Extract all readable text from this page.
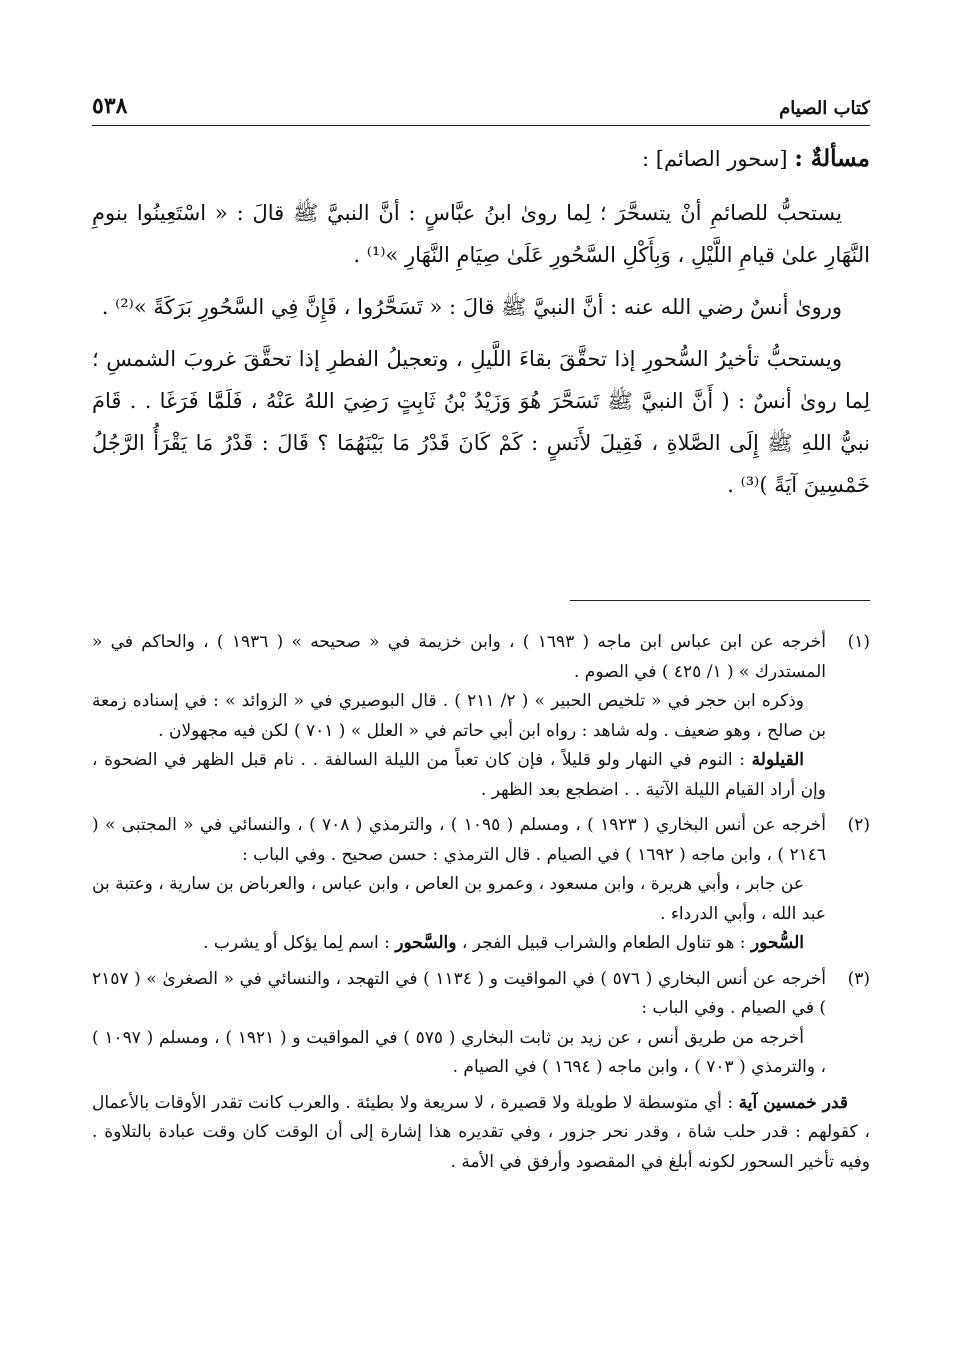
كتاب الصيام
٥٣٨

مسألةٌ : [سحور الصائم] :

يستحبُّ للصائمِ أنْ يتسحَّرَ ؛ لِما روىٰ ابنُ عبَّاسٍ : أنَّ النبيَّ ﷺ قالَ : « اسْتَعِينُوا بنومِ النَّهَارِ علىٰ قيامِ اللَّيْلِ ، وَبِأَكْلِ السَّحُورِ عَلَىٰ صِيَامِ النَّهَارِ »⁽¹⁾ .

وروىٰ أنسٌ رضي الله عنه : أنَّ النبيَّ ﷺ قالَ : « تَسَحَّرُوا ، فَإِنَّ فِي السَّحُورِ بَرَكَةً »⁽²⁾ .

ويستحبُّ تأخيرُ السُّحورِ إذا تحقَّقَ بقاءَ اللَّيلِ ، وتعجيلُ الفطرِ إذا تحقَّقَ غروبَ الشمسِ ؛ لِما روىٰ أنسٌ : ( أَنَّ النبيَّ ﷺ تَسَحَّرَ هُوَ وَزَيْدُ بْنُ ثَابِتٍ رَضِيَ اللهُ عَنْهُ ، فَلَمَّا فَرَغَا . . قَامَ نبيُّ اللهِ ﷺ إِلَى الصَّلاةِ ، فَقِيلَ لأَنَسٍ : كَمْ كَانَ قَدْرُ مَا بَيْنَهُمَا ؟ قَالَ : قَدْرُ مَا يَقْرَأُ الرَّجُلُ خَمْسِينَ آيَةً )⁽³⁾ .

(١)

أخرجه عن ابن عباس ابن ماجه ( ١٦٩٣ ) ، وابن خزيمة في « صحيحه » ( ١٩٣٦ ) ، والحاكم في « المستدرك » ( ١/ ٤٢٥ ) في الصوم .

وذكره ابن حجر في « تلخيص الحبير » ( ٢/ ٢١١ ) . قال البوصيري في « الزوائد » : في إسناده زمعة بن صالح ، وهو ضعيف . وله شاهد : رواه ابن أبي حاتم في « العلل » ( ٧٠١ ) لكن فيه مجهولان .

القيلولة : النوم في النهار ولو قليلاً ، فإن كان تعباً من الليلة السالفة . . نام قبل الظهر في الضحوة ، وإن أراد القيام الليلة الآتية . . اضطجع بعد الظهر .

(٢)

أخرجه عن أنس البخاري ( ١٩٢٣ ) ، ومسلم ( ١٠٩٥ ) ، والترمذي ( ٧٠٨ ) ، والنسائي في « المجتبى » ( ٢١٤٦ ) ، وابن ماجه ( ١٦٩٢ ) في الصيام . قال الترمذي : حسن صحيح . وفي الباب :

عن جابر ، وأبي هريرة ، وابن مسعود ، وعمرو بن العاص ، وابن عباس ، والعرباض بن سارية ، وعتبة بن عبد الله ، وأبي الدرداء .

السُّحور : هو تناول الطعام والشراب قبيل الفجر ، والسَّحور : اسم لِما يؤكل أو يشرب .

(٣)

أخرجه عن أنس البخاري ( ٥٧٦ ) في المواقيت و ( ١١٣٤ ) في التهجد ، والنسائي في « الصغرىٰ » ( ٢١٥٧ ) في الصيام . وفي الباب :

أخرجه من طريق أنس ، عن زيد بن ثابت البخاري ( ٥٧٥ ) في المواقيت و ( ١٩٢١ ) ، ومسلم ( ١٠٩٧ ) ، والترمذي ( ٧٠٣ ) ، وابن ماجه ( ١٦٩٤ ) في الصيام .

قدر خمسين آية : أي متوسطة لا طويلة ولا قصيرة ، لا سريعة ولا بطيئة . والعرب كانت تقدر الأوقات بالأعمال ، كقولهم : قدر حلب شاة ، وقدر نحر جزور ، وفي تقديره هذا إشارة إلى أن الوقت كان وقت عبادة بالتلاوة . وفيه تأخير السحور لكونه أبلغ في المقصود وأرفق في الأمة .
